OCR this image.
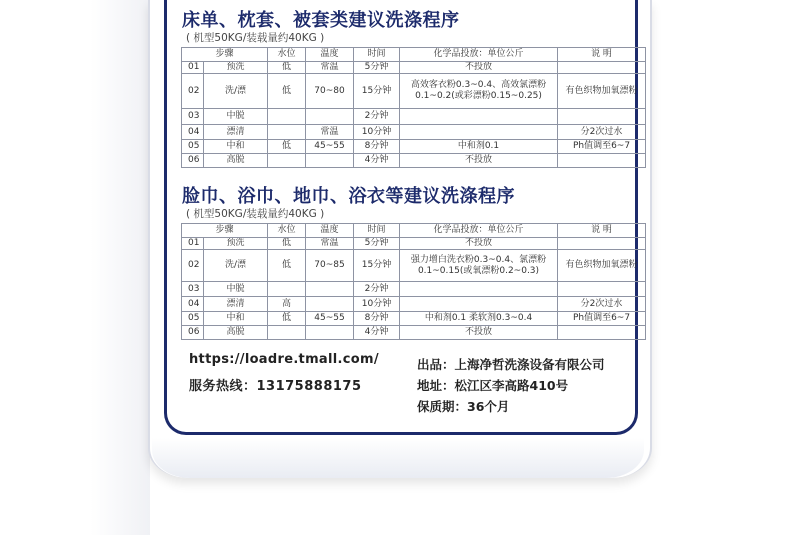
床单、枕套、被套类建议洗涤程序
( 机型50KG/装载量约40KG )
步骤		水位	温度	时间	化学品投放：单位公斤	说 明
01	预洗	低	常温	5分钟	不投放	
02	洗/漂	低	70~80	15分钟	高效客衣粉0.3~0.4、高效氯漂粉 0.1~0.2(或彩漂粉0.15~0.25)	有色织物加氧漂粉
03	中脱			2分钟		
04	漂清		常温	10分钟		分2次过水
05	中和	低	45~55	8分钟	中和剂0.1	Ph值调至6~7
06	高脱			4分钟	不投放	
脸巾、浴巾、地巾、浴衣等建议洗涤程序
( 机型50KG/装载量约40KG )
步骤		水位	温度	时间	化学品投放：单位公斤	说 明
01	预洗	低	常温	5分钟	不投放	
02	洗/漂	低	70~85	15分钟	强力增白洗衣粉0.3~0.4、氯漂粉 0.1~0.15(或氧漂粉0.2~0.3)	有色织物加氧漂粉
03	中脱			2分钟		
04	漂清	高		10分钟		分2次过水
05	中和	低	45~55	8分钟	中和剂0.1 柔软剂0.3~0.4	Ph值调至6~7
06	高脱			4分钟	不投放	
https://loadre.tmall.com/
服务热线：13175888175
出品：上海净哲洗涤设备有限公司
地址：松江区李高路410号
保质期：36个月
